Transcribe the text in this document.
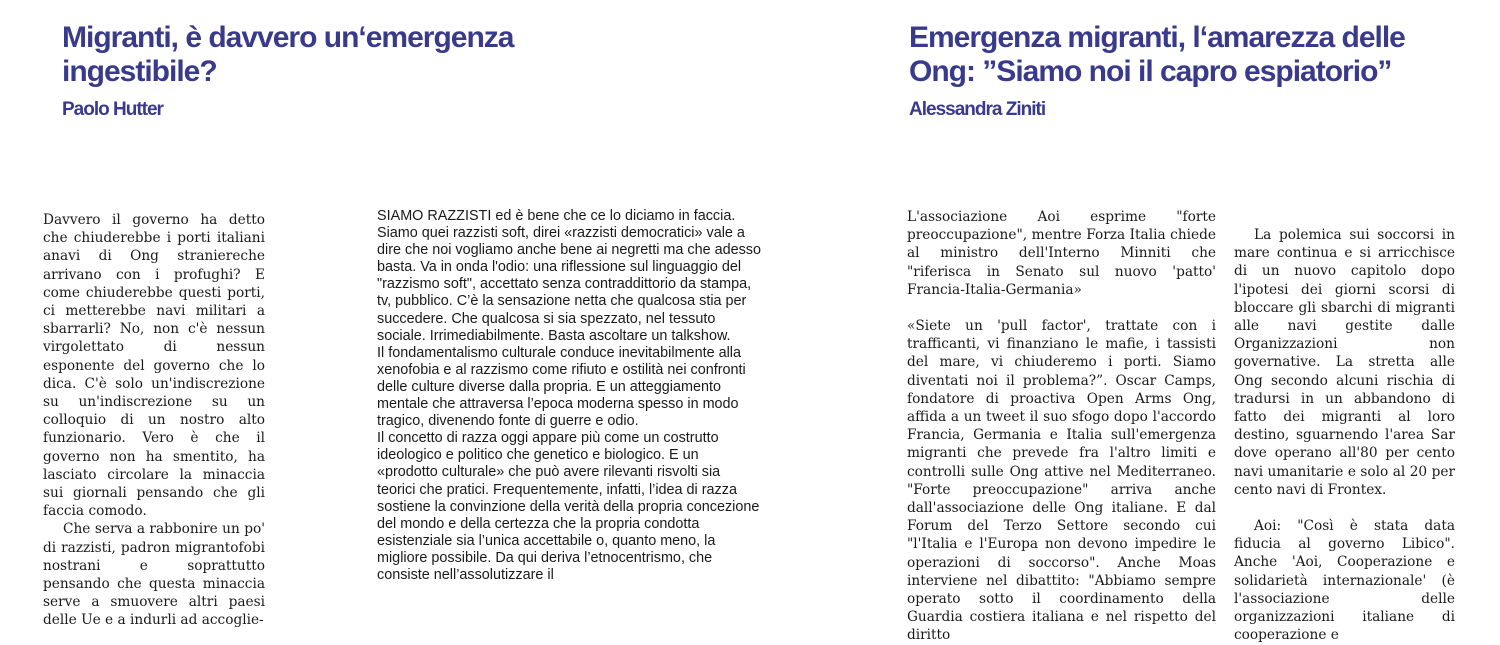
Migranti, è davvero un‘emergenza
ingestibile?
Paolo Hutter

Davvero il governo ha detto che chiuderebbe i porti italiani anavi di Ong straniereche arrivano con i profughi? E come chiuderebbe questi porti, ci metterebbe navi militari a sbarrarli? No, non c'è nessun virgolettato di nessun esponente del governo che lo dica. C'è solo un'indiscrezione su un'indiscrezione su un colloquio di un nostro alto funzionario. Vero è che il governo non ha smentito, ha lasciato circolare la minaccia sui giornali pensando che gli faccia comodo.

Che serva a rabbonire un po' di razzisti, padron migrantofobi nostrani e soprattutto pensando che questa minaccia serve a smuovere altri paesi delle Ue e a indurli ad accoglie-

SIAMO RAZZISTI ed è bene che ce lo diciamo in faccia. Siamo quei razzisti soft, direi «razzisti democratici» vale a dire che noi vogliamo anche bene ai negretti ma che adesso basta. Va in onda l'odio: una riflessione sul linguaggio del "razzismo soft", accettato senza contraddittorio da stampa, tv, pubblico. C’è la sensazione netta che qualcosa stia per succedere. Che qualcosa si sia spezzato, nel tessuto sociale. Irrimediabilmente. Basta ascoltare un talkshow.

Il fondamentalismo culturale conduce inevitabilmente alla xenofobia e al razzismo come rifiuto e ostilità nei confronti delle culture diverse dalla propria. E un atteggiamento mentale che attraversa l’epoca moderna spesso in modo tragico, divenendo fonte di guerre e odio.

Il concetto di razza oggi appare più come un costrutto ideologico e politico che genetico e biologico. E un «prodotto culturale» che può avere rilevanti risvolti sia teorici che pratici. Frequentemente, infatti, l’idea di razza sostiene la convinzione della verità della propria concezione del mondo e della certezza che la propria condotta esistenziale sia l’unica accettabile o, quanto meno, la migliore possibile. Da qui deriva l’etnocentrismo, che consiste nell’assolutizzare il

Emergenza migranti, l‘amarezza delle
Ong: ”Siamo noi il capro espiatorio”
Alessandra Ziniti

L'associazione Aoi esprime "forte preoccupazione", mentre Forza Italia chiede al ministro dell'Interno Minniti che "riferisca in Senato sul nuovo 'patto' Francia-Italia-Germania»

«Siete un 'pull factor', trattate con i trafficanti, vi finanziano le mafie, i tassisti del mare, vi chiuderemo i porti. Siamo diventati noi il problema?”. Oscar Camps, fondatore di proactiva Open Arms Ong, affida a un tweet il suo sfogo dopo l'accordo Francia, Germania e Italia sull'emergenza migranti che prevede fra l'altro limiti e controlli sulle Ong attive nel Mediterraneo. "Forte preoccupazione" arriva anche dall'associazione delle Ong italiane. E dal Forum del Terzo Settore secondo cui "l'Italia e l'Europa non devono impedire le operazioni di soccorso". Anche Moas interviene nel dibattito: "Abbiamo sempre operato sotto il coordinamento della Guardia costiera italiana e nel rispetto del diritto

La polemica sui soccorsi in mare continua e si arricchisce di un nuovo capitolo dopo l'ipotesi dei giorni scorsi di bloccare gli sbarchi di migranti alle navi gestite dalle Organizzazioni non governative. La stretta alle Ong secondo alcuni rischia di tradursi in un abbandono di fatto dei migranti al loro destino, sguarnendo l'area Sar dove operano all'80 per cento navi umanitarie e solo al 20 per cento navi di Frontex.

Aoi: "Così è stata data fiducia al governo Libico". Anche 'Aoi, Cooperazione e solidarietà internazionale' (è l'associazione delle organizzazioni italiane di cooperazione e
